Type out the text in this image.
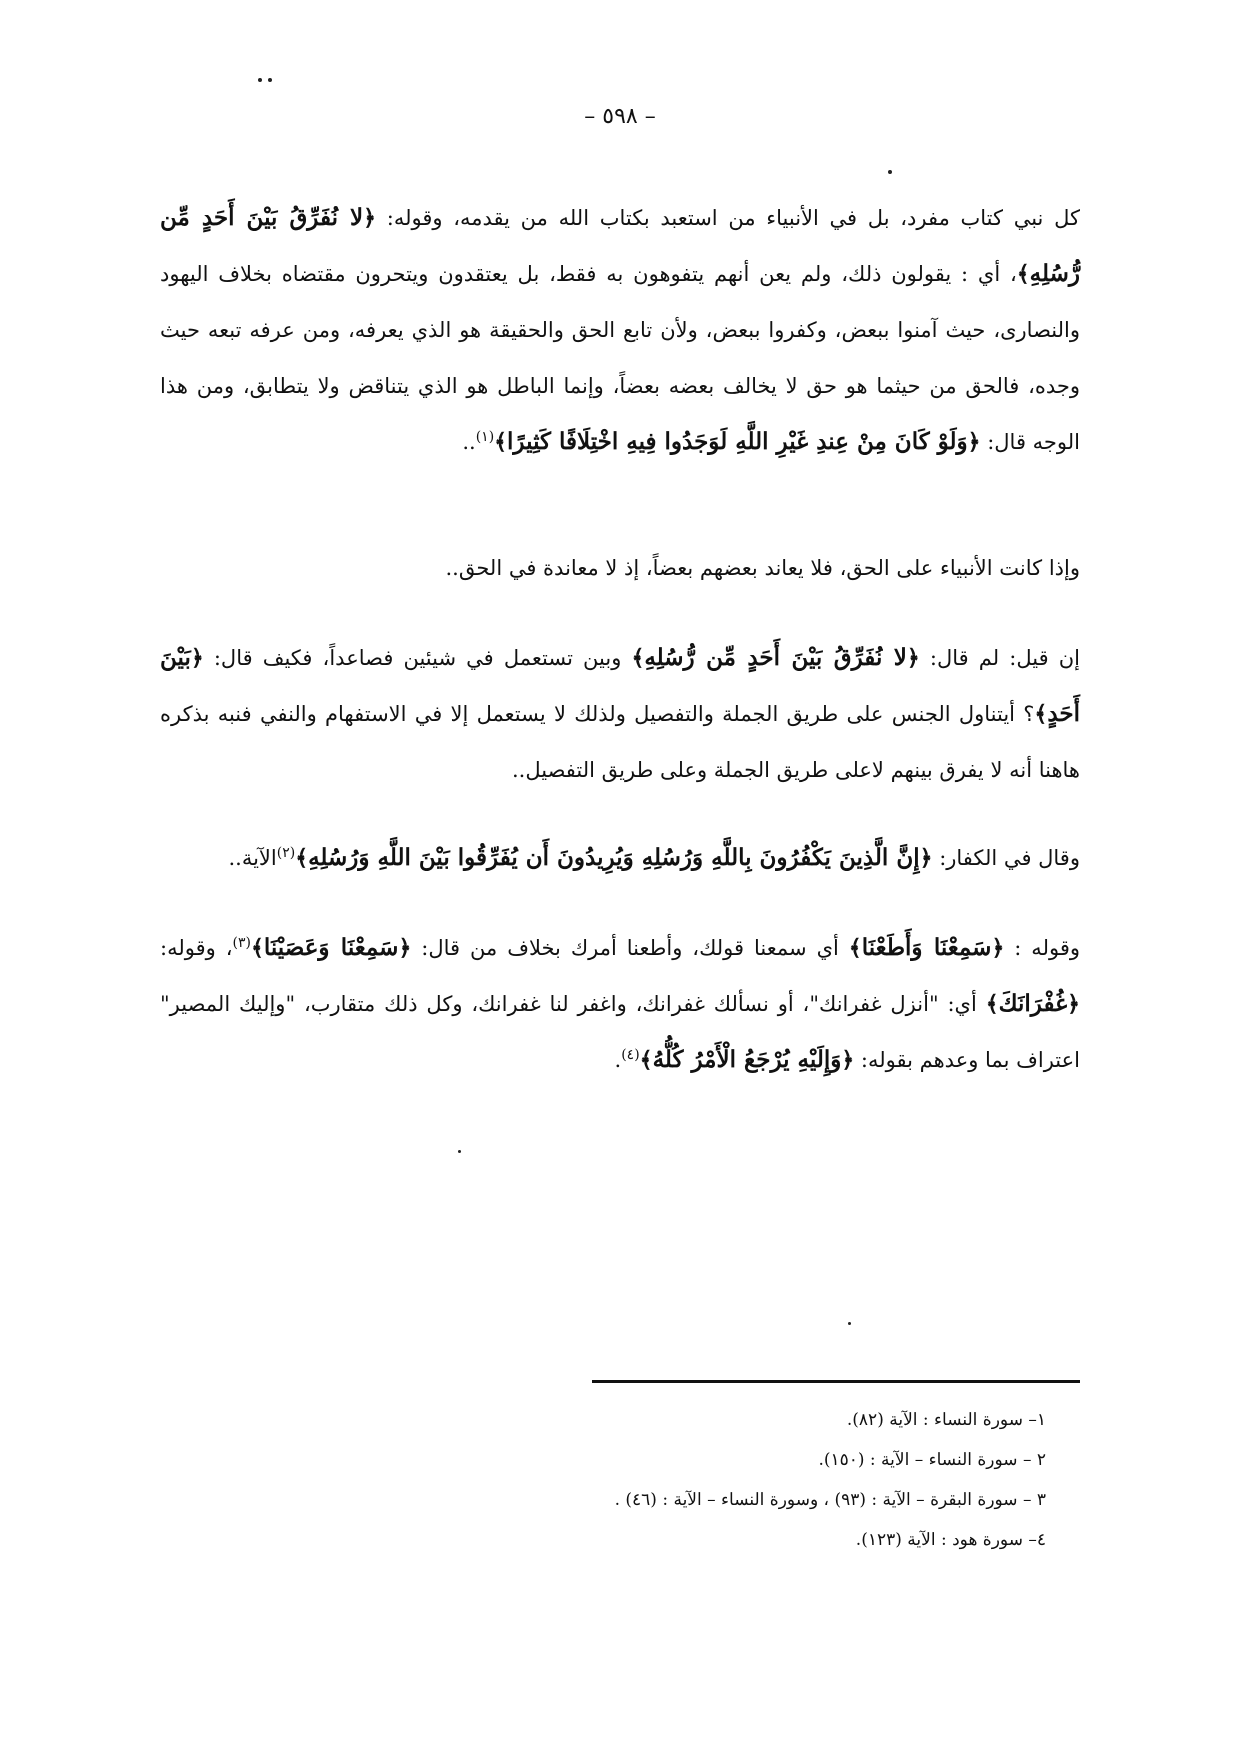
– ٥٩٨ –

كل نبي كتاب مفرد، بل في الأنبياء من استعبد بكتاب الله من يقدمه، وقوله: ﴿لا نُفَرِّقُ بَيْنَ أَحَدٍ مِّن رُّسُلِهِ﴾، أي : يقولون ذلك، ولم يعن أنهم يتفوهون به فقط، بل يعتقدون ويتحرون مقتضاه بخلاف اليهود والنصارى، حيث آمنوا ببعض، وكفروا ببعض، ولأن تابع الحق والحقيقة هو الذي يعرفه، ومن عرفه تبعه حيث وجده، فالحق من حيثما هو حق لا يخالف بعضه بعضاً، وإنما الباطل هو الذي يتناقض ولا يتطابق، ومن هذا الوجه قال: ﴿وَلَوْ كَانَ مِنْ عِندِ غَيْرِ اللَّهِ لَوَجَدُوا فِيهِ اخْتِلَافًا كَثِيرًا﴾$^{(١)}$..

وإذا كانت الأنبياء على الحق، فلا يعاند بعضهم بعضاً، إذ لا معاندة في الحق..

إن قيل: لم قال: ﴿لا نُفَرِّقُ بَيْنَ أَحَدٍ مِّن رُّسُلِهِ﴾ وبين تستعمل في شيئين فصاعداً، فكيف قال: ﴿بَيْنَ أَحَدٍ﴾؟ أيتناول الجنس على طريق الجملة والتفصيل ولذلك لا يستعمل إلا في الاستفهام والنفي فنبه بذكره هاهنا أنه لا يفرق بينهم لاعلى طريق الجملة وعلى طريق التفصيل..

وقال في الكفار: ﴿إِنَّ الَّذِينَ يَكْفُرُونَ بِاللَّهِ وَرُسُلِهِ وَيُرِيدُونَ أَن يُفَرِّقُوا بَيْنَ اللَّهِ وَرُسُلِهِ﴾$^{(٢)}$الآية..

وقوله : ﴿سَمِعْنَا وَأَطَعْنَا﴾ أي سمعنا قولك، وأطعنا أمرك بخلاف من قال: ﴿سَمِعْنَا وَعَصَيْنَا﴾$^{(٣)}$، وقوله: ﴿غُفْرَانَكَ﴾ أي: "أنزل غفرانك"، أو نسألك غفرانك، واغفر لنا غفرانك، وكل ذلك متقارب، "وإليك المصير" اعتراف بما وعدهم بقوله: ﴿وَإِلَيْهِ يُرْجَعُ الْأَمْرُ كُلُّهُ﴾$^{(٤)}$.

١– سورة النساء : الآية (٨٢).

٢ – سورة النساء – الآية : (١٥٠).

٣ – سورة البقرة – الآية : (٩٣) ، وسورة النساء – الآية : (٤٦) .

٤– سورة هود : الآية (١٢٣).
